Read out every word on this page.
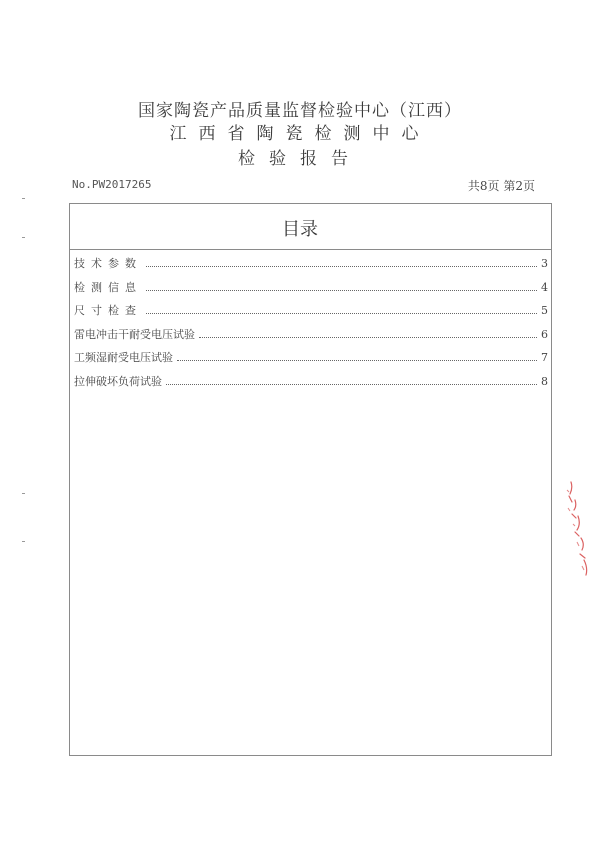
国家陶瓷产品质量监督检验中心（江西）
江西省陶瓷检测中心
检验报告
No.PW2017265	共8页 第2页
目录
技术参数	3
检测信息	4
尺寸检查	5
雷电冲击干耐受电压试验	6
工频湿耐受电压试验	7
拉伸破坏负荷试验	8
